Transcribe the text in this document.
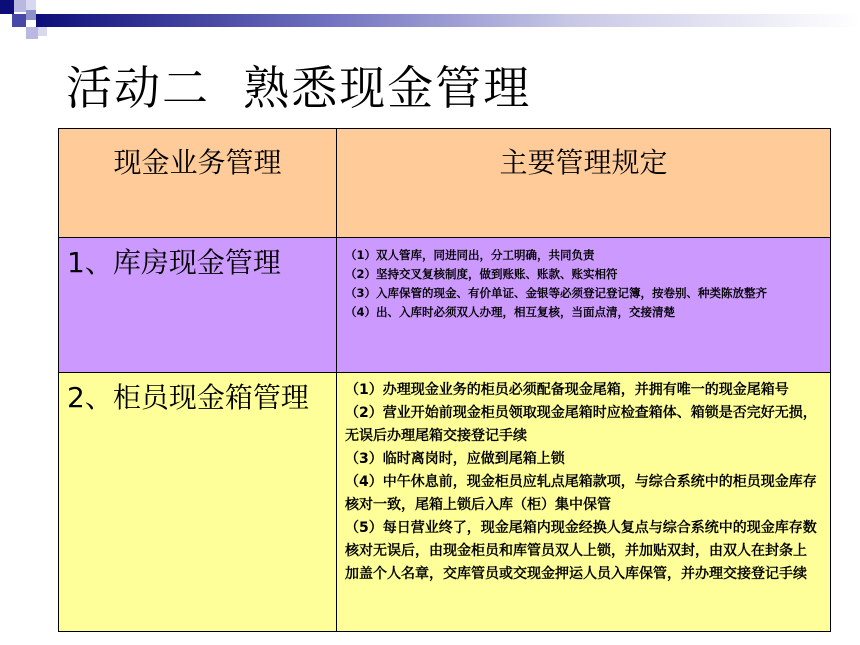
活动二  熟悉现金管理
现金业务管理	主要管理规定
1、库房现金管理	（1）双人管库，同进同出，分工明确，共同负责

（2）坚持交叉复核制度，做到账账、账款、账实相符

（3）入库保管的现金、有价单证、金银等必须登记登记簿，按卷别、种类陈放整齐

（4）出、入库时必须双人办理，相互复核，当面点清，交接清楚

2、柜员现金箱管理	（1）办理现金业务的柜员必须配备现金尾箱，并拥有唯一的现金尾箱号

（2）营业开始前现金柜员领取现金尾箱时应检查箱体、箱锁是否完好无损，无误后办理尾箱交接登记手续

（3）临时离岗时，应做到尾箱上锁

（4）中午休息前，现金柜员应轧点尾箱款项，与综合系统中的柜员现金库存核对一致，尾箱上锁后入库（柜）集中保管

（5）每日营业终了，现金尾箱内现金经换人复点与综合系统中的现金库存数核对无误后，由现金柜员和库管员双人上锁，并加贴双封，由双人在封条上加盖个人名章，交库管员或交现金押运人员入库保管，并办理交接登记手续
